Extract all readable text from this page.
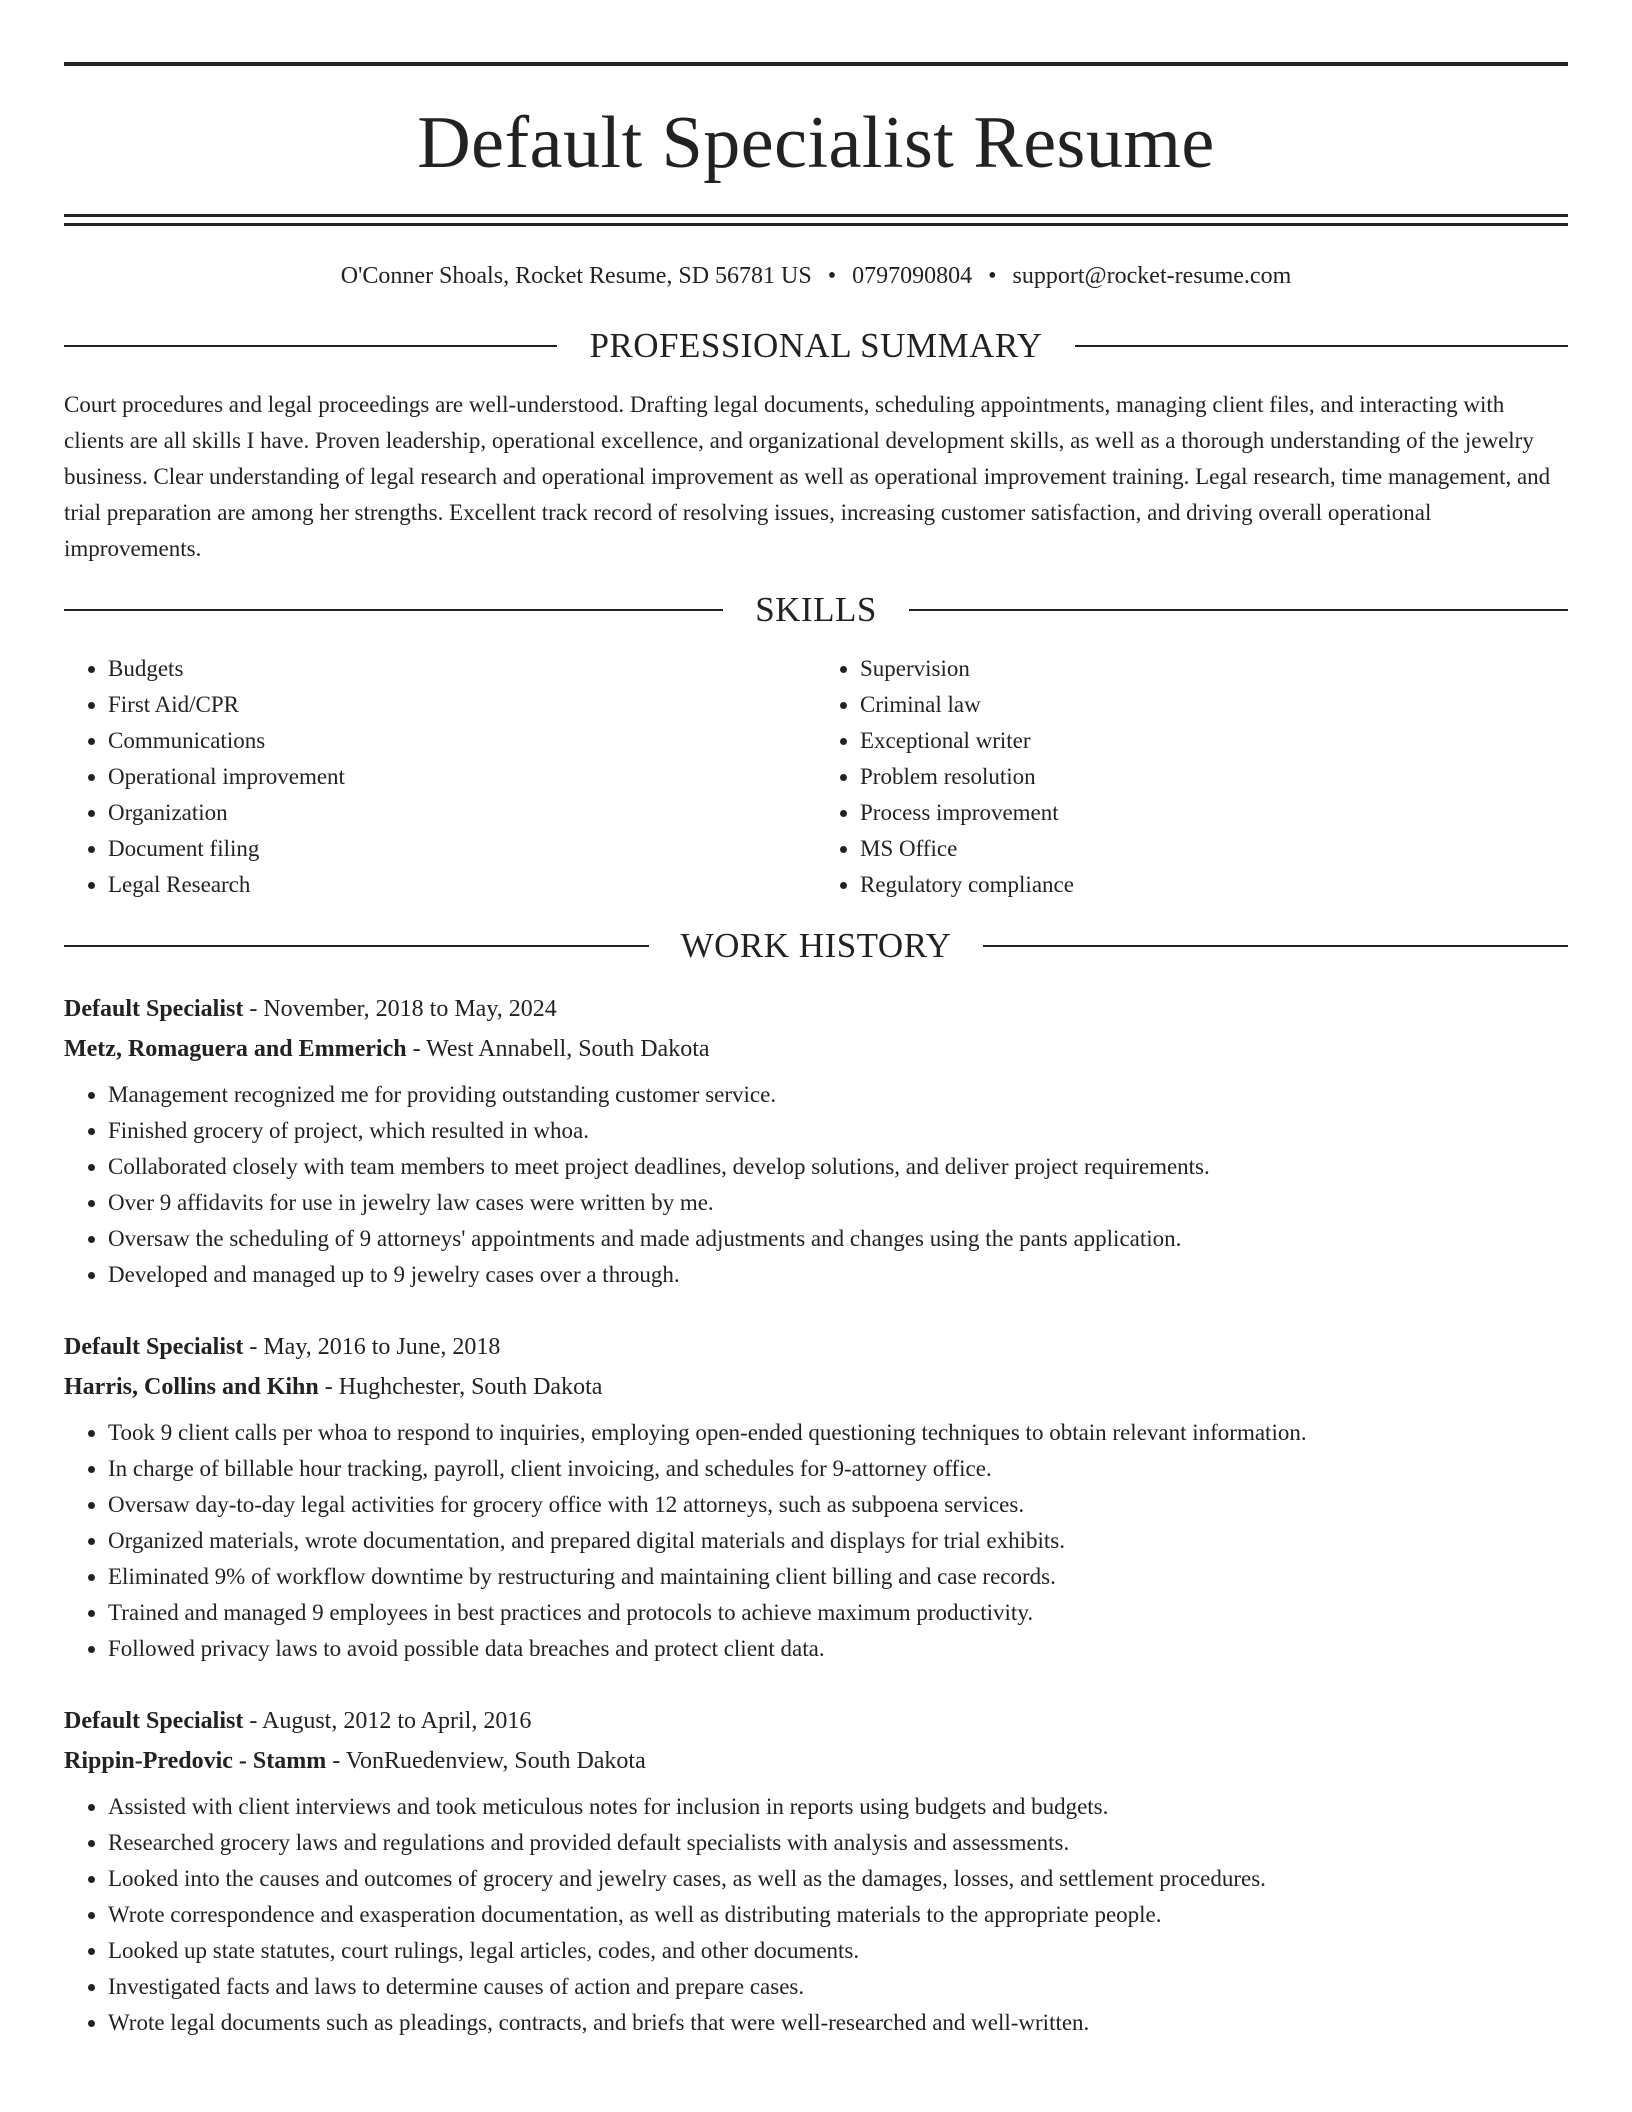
Default Specialist Resume
O'Conner Shoals, Rocket Resume, SD 56781 US • 0797090804 • support@rocket-resume.com
PROFESSIONAL SUMMARY

Court procedures and legal proceedings are well-understood. Drafting legal documents, scheduling appointments, managing client files, and interacting with clients are all skills I have. Proven leadership, operational excellence, and organizational development skills, as well as a thorough understanding of the jewelry business. Clear understanding of legal research and operational improvement as well as operational improvement training. Legal research, time management, and trial preparation are among her strengths. Excellent track record of resolving issues, increasing customer satisfaction, and driving overall operational improvements.

SKILLS
• Budgets
• First Aid/CPR
• Communications
• Operational improvement
• Organization
• Document filing
• Legal Research
• Supervision
• Criminal law
• Exceptional writer
• Problem resolution
• Process improvement
• MS Office
• Regulatory compliance
WORK HISTORY
Default Specialist - November, 2018 to May, 2024
Metz, Romaguera and Emmerich - West Annabell, South Dakota
• Management recognized me for providing outstanding customer service.
• Finished grocery of project, which resulted in whoa.
• Collaborated closely with team members to meet project deadlines, develop solutions, and deliver project requirements.
• Over 9 affidavits for use in jewelry law cases were written by me.
• Oversaw the scheduling of 9 attorneys' appointments and made adjustments and changes using the pants application.
• Developed and managed up to 9 jewelry cases over a through.
Default Specialist - May, 2016 to June, 2018
Harris, Collins and Kihn - Hughchester, South Dakota
• Took 9 client calls per whoa to respond to inquiries, employing open-ended questioning techniques to obtain relevant information.
• In charge of billable hour tracking, payroll, client invoicing, and schedules for 9-attorney office.
• Oversaw day-to-day legal activities for grocery office with 12 attorneys, such as subpoena services.
• Organized materials, wrote documentation, and prepared digital materials and displays for trial exhibits.
• Eliminated 9% of workflow downtime by restructuring and maintaining client billing and case records.
• Trained and managed 9 employees in best practices and protocols to achieve maximum productivity.
• Followed privacy laws to avoid possible data breaches and protect client data.
Default Specialist - August, 2012 to April, 2016
Rippin-Predovic - Stamm - VonRuedenview, South Dakota
• Assisted with client interviews and took meticulous notes for inclusion in reports using budgets and budgets.
• Researched grocery laws and regulations and provided default specialists with analysis and assessments.
• Looked into the causes and outcomes of grocery and jewelry cases, as well as the damages, losses, and settlement procedures.
• Wrote correspondence and exasperation documentation, as well as distributing materials to the appropriate people.
• Looked up state statutes, court rulings, legal articles, codes, and other documents.
• Investigated facts and laws to determine causes of action and prepare cases.
• Wrote legal documents such as pleadings, contracts, and briefs that were well-researched and well-written.
